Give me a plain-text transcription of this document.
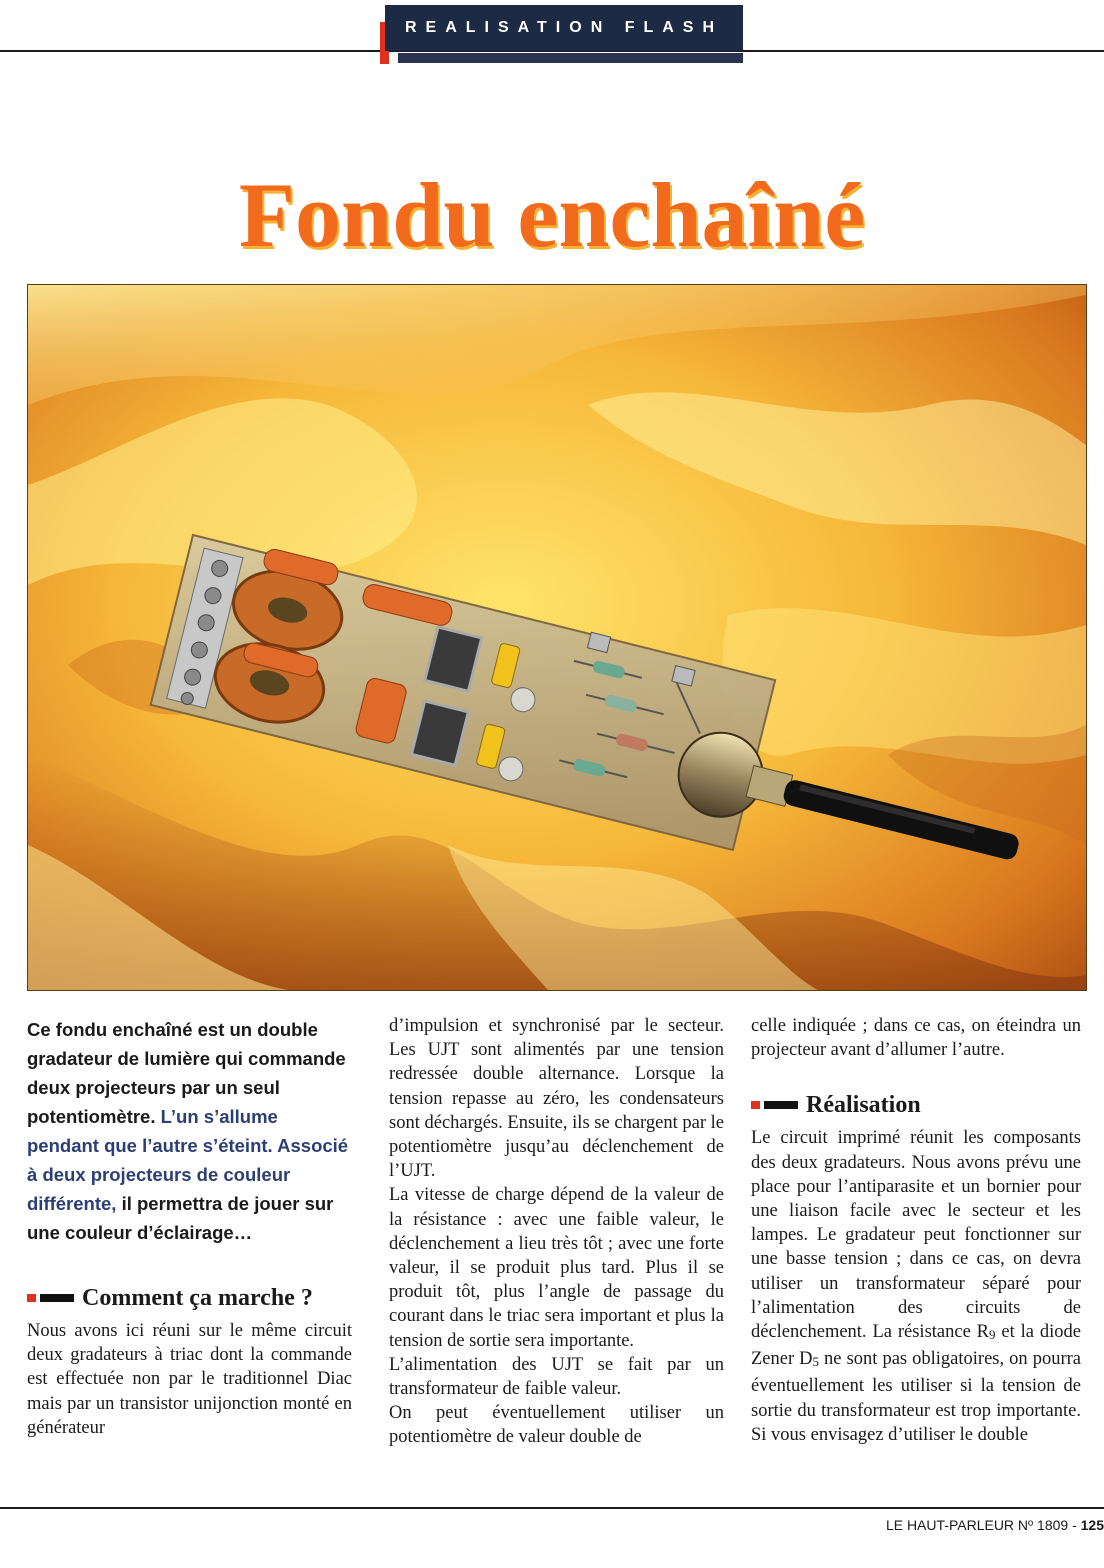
REALISATION FLASH
Fondu enchaîné

Ce fondu enchaîné est un double gradateur de lumière qui commande deux projecteurs par un seul potentiomètre. L’un s’allume pendant que l’autre s’éteint. Associé à deux projecteurs de couleur différente, il permettra de jouer sur une couleur d’éclairage…

Comment ça marche ?

Nous avons ici réuni sur le même circuit deux gradateurs à triac dont la commande est effectuée non par le traditionnel Diac mais par un transistor unijonction monté en générateur

d’impulsion et synchronisé par le secteur. Les UJT sont alimentés par une tension redressée double alternance. Lorsque la tension repasse au zéro, les condensateurs sont déchargés. Ensuite, ils se chargent par le potentiomètre jusqu’au déclenchement de l’UJT.

La vitesse de charge dépend de la valeur de la résistance : avec une faible valeur, le déclenchement a lieu très tôt ; avec une forte valeur, il se produit plus tard. Plus il se produit tôt, plus l’angle de passage du courant dans le triac sera important et plus la tension de sortie sera importante.

L’alimentation des UJT se fait par un transformateur de faible valeur.

On peut éventuellement utiliser un potentiomètre de valeur double de

celle indiquée ; dans ce cas, on éteindra un projecteur avant d’allumer l’autre.

Réalisation

Le circuit imprimé réunit les composants des deux gradateurs. Nous avons prévu une place pour l’antiparasite et un bornier pour une liaison facile avec le secteur et les lampes. Le gradateur peut fonctionner sur une basse tension ; dans ce cas, on devra utiliser un transformateur séparé pour l’alimentation des circuits de déclenchement. La résistance $R_9$ et la diode Zener $D_5$ ne sont pas obligatoires, on pourra éventuellement les utiliser si la tension de sortie du transformateur est trop importante. Si vous envisagez d’utiliser le double

LE HAUT-PARLEUR Nº 1809 - 125
